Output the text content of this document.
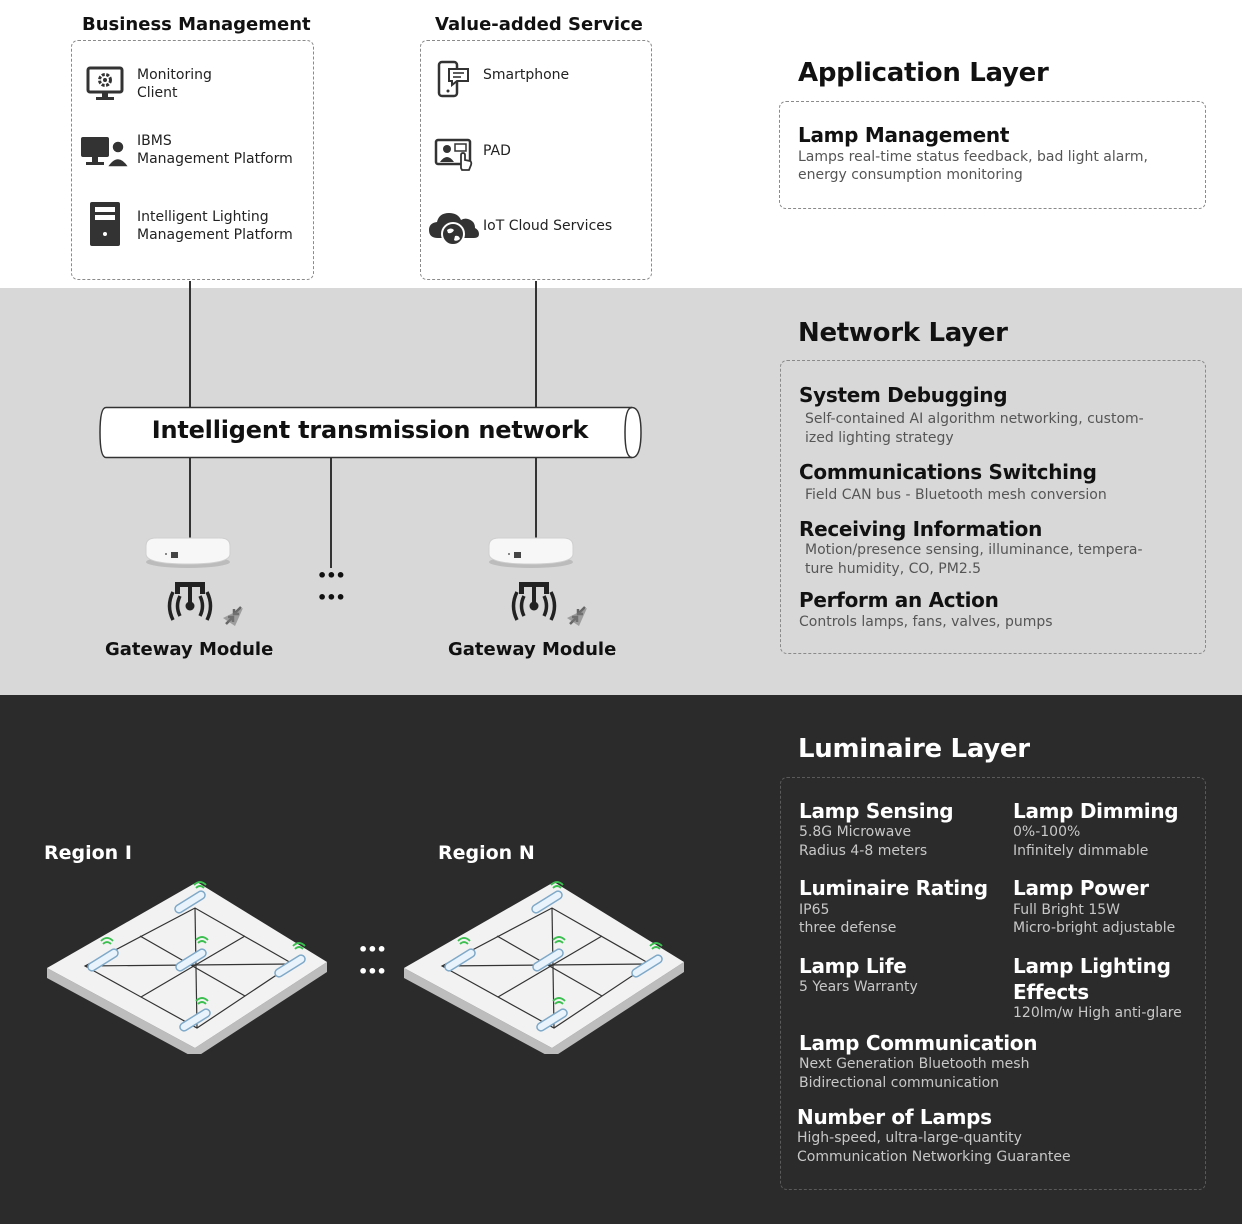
Business Management
Monitoring
Client
IBMS
Management Platform
Intelligent Lighting
Management Platform
Value-added Service
Smartphone
PAD
IoT Cloud Services
Application Layer
Lamp Management
Lamps real-time status feedback, bad light alarm,
energy consumption monitoring
Intelligent transmission network
Gateway Module	Gateway Module
•••
•••
Network Layer
System Debugging
Self-contained AI algorithm networking, custom-
ized lighting strategy
Communications Switching
Field CAN bus - Bluetooth mesh conversion
Receiving Information
Motion/presence sensing, illuminance, tempera-
ture humidity, CO, PM2.5
Perform an Action
Controls lamps, fans, valves, pumps
Region I	Region N
•••
•••
Luminaire Layer
Lamp Sensing
5.8G Microwave
Radius 4-8 meters
Luminaire Rating
IP65
three defense
Lamp Life
5 Years Warranty
Lamp Dimming
0%-100%
Infinitely dimmable
Lamp Power
Full Bright 15W
Micro-bright adjustable
Lamp Lighting
Effects
120lm/w High anti-glare
Lamp Communication
Next Generation Bluetooth mesh
Bidirectional communication
Number of Lamps
High-speed, ultra-large-quantity
Communication Networking Guarantee
